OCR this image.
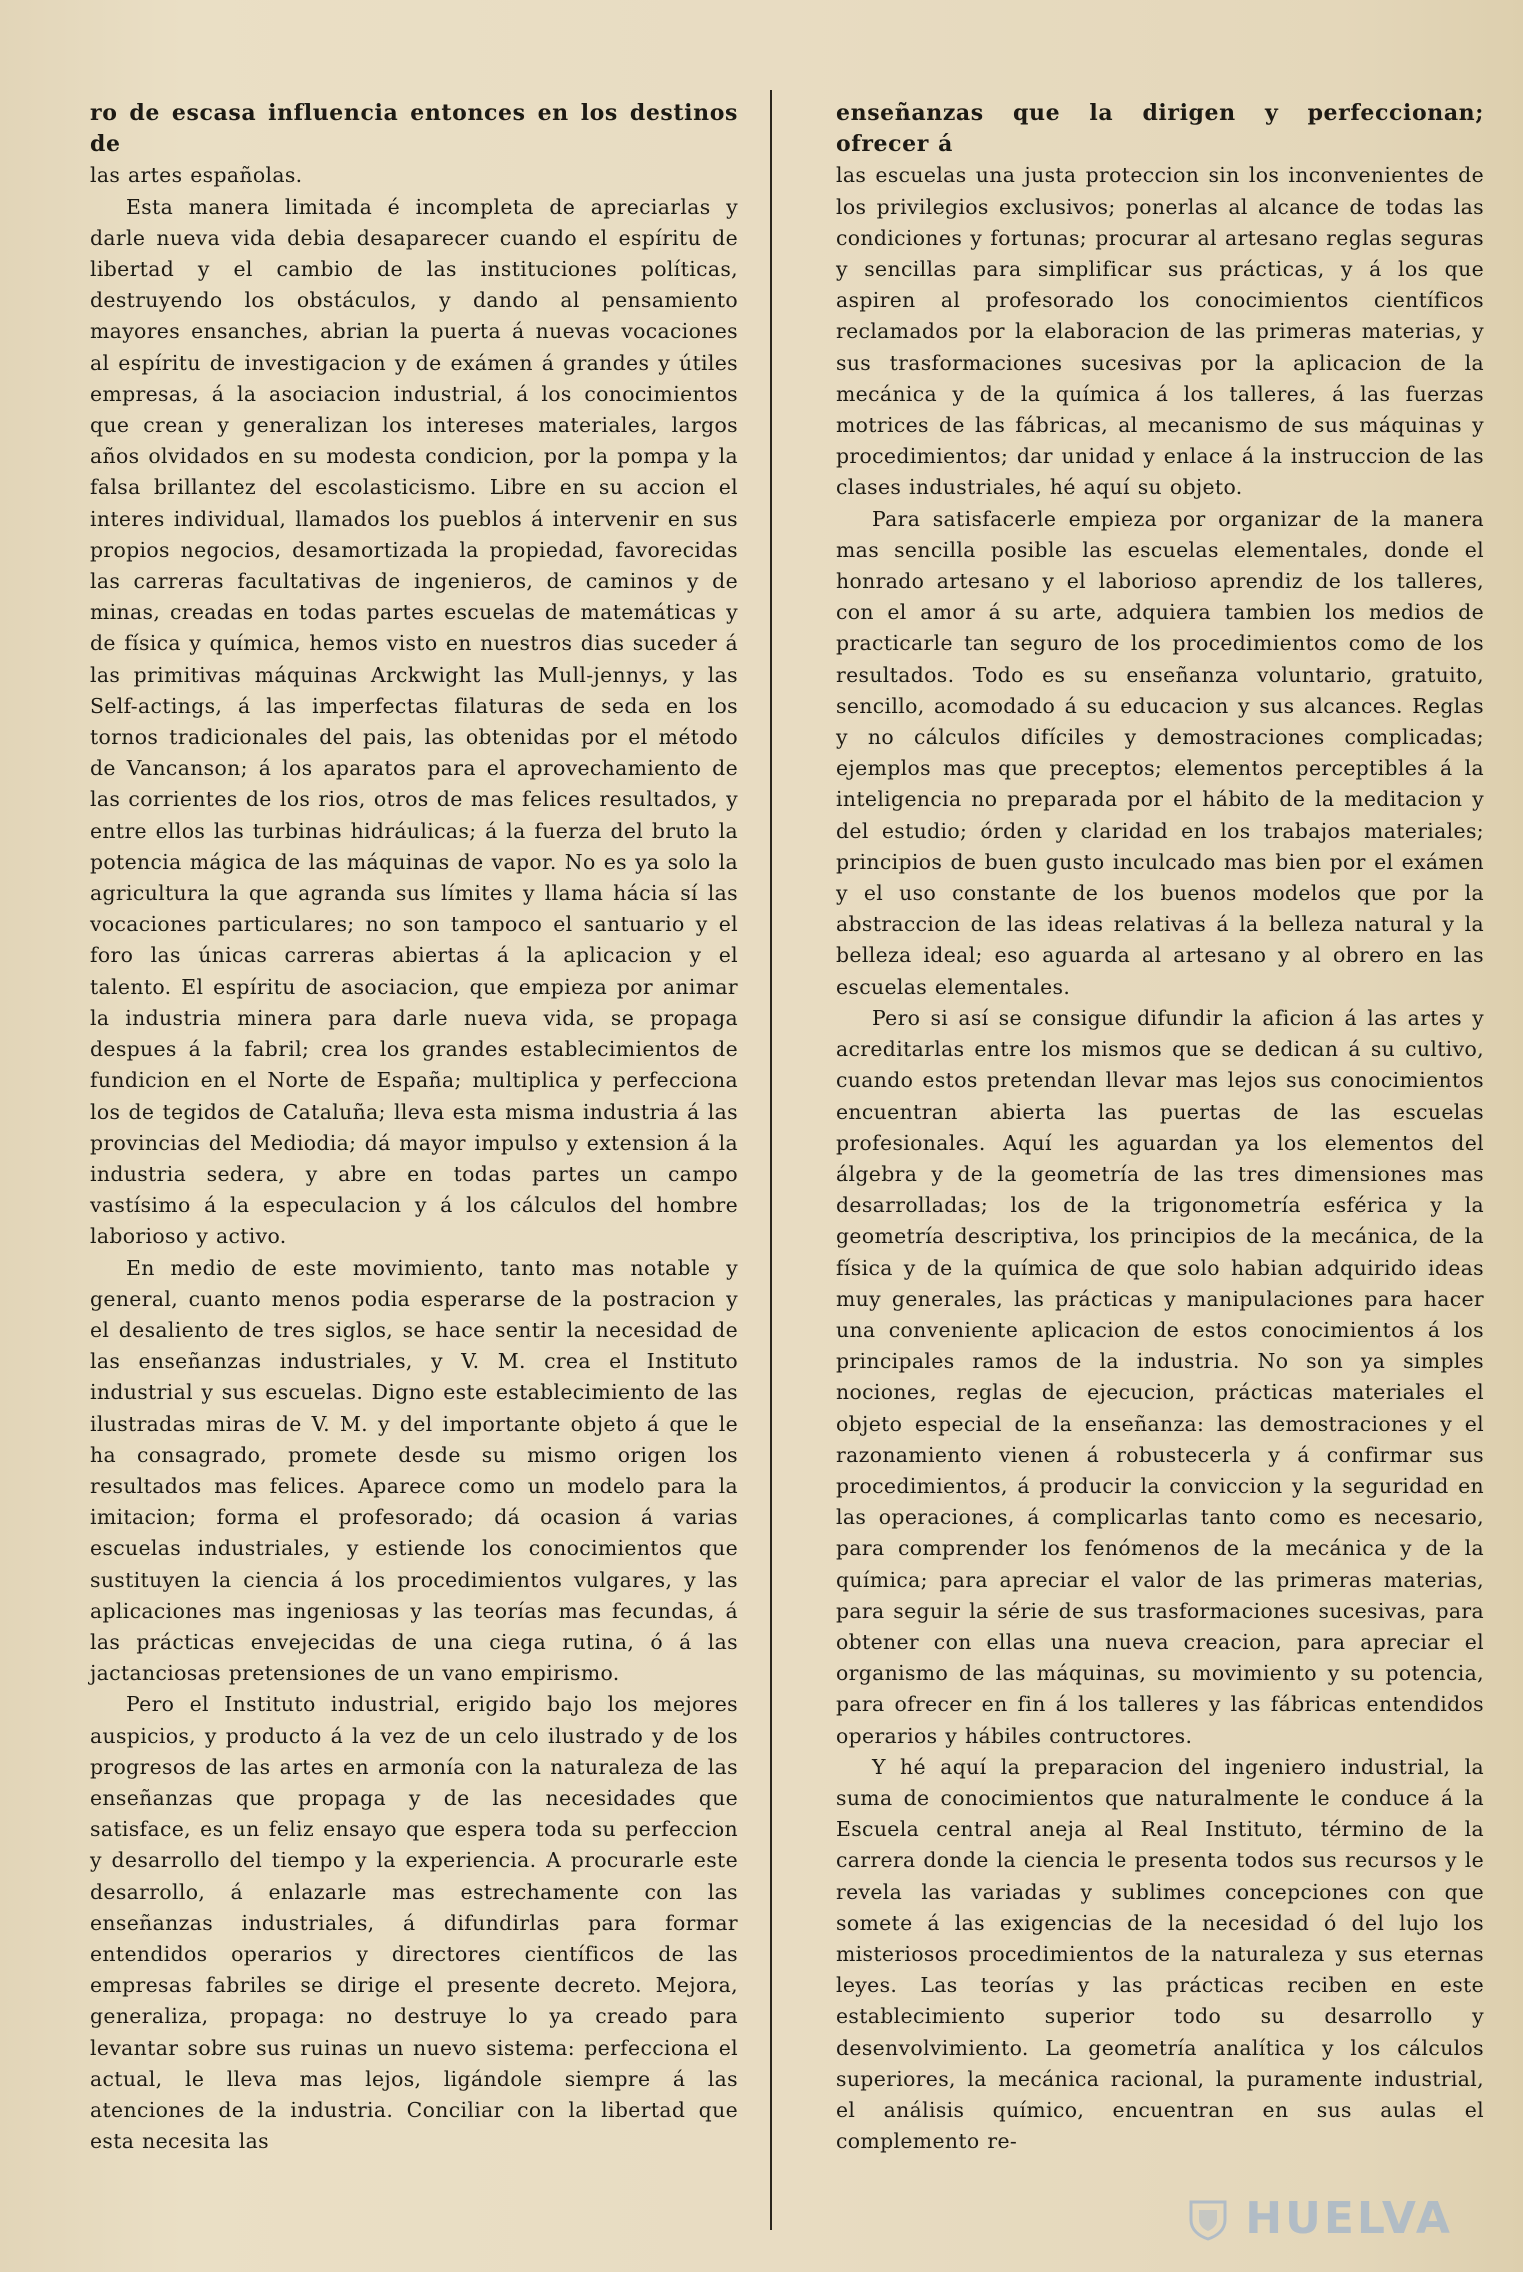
ro de escasa influencia entonces en los destinos de
las artes españolas.

Esta manera limitada é incompleta de apreciarlas y darle nueva vida debia desaparecer cuando el espíritu de libertad y el cambio de las instituciones políticas, destruyendo los obstáculos, y dando al pensamiento mayores ensanches, abrian la puerta á nuevas vocaciones al espíritu de investigacion y de exámen á grandes y útiles empresas, á la asociacion industrial, á los conocimientos que crean y generalizan los intereses materiales, largos años olvidados en su modesta condicion, por la pompa y la falsa brillantez del escolasticismo. Libre en su accion el interes individual, llamados los pueblos á intervenir en sus propios negocios, desamortizada la propiedad, favorecidas las carreras facultativas de ingenieros, de caminos y de minas, creadas en todas partes escuelas de matemáticas y de física y química, hemos visto en nuestros dias suceder á las primitivas máquinas Arckwight las Mull-jennys, y las Self-actings, á las imperfectas filaturas de seda en los tornos tradicionales del pais, las obtenidas por el método de Vancanson; á los aparatos para el aprovechamiento de las corrientes de los rios, otros de mas felices resultados, y entre ellos las turbinas hidráulicas; á la fuerza del bruto la potencia mágica de las máquinas de vapor. No es ya solo la agricultura la que agranda sus límites y llama hácia sí las vocaciones particulares; no son tampoco el santuario y el foro las únicas carreras abiertas á la aplicacion y el talento. El espíritu de asociacion, que empieza por animar la industria minera para darle nueva vida, se propaga despues á la fabril; crea los grandes establecimientos de fundicion en el Norte de España; multiplica y perfecciona los de tegidos de Cataluña; lleva esta misma industria á las provincias del Mediodia; dá mayor impulso y extension á la industria sedera, y abre en todas partes un campo vastísimo á la especulacion y á los cálculos del hombre laborioso y activo.

En medio de este movimiento, tanto mas notable y general, cuanto menos podia esperarse de la postracion y el desaliento de tres siglos, se hace sentir la necesidad de las enseñanzas industriales, y V. M. crea el Instituto industrial y sus escuelas. Digno este establecimiento de las ilustradas miras de V. M. y del importante objeto á que le ha consagrado, promete desde su mismo origen los resultados mas felices. Aparece como un modelo para la imitacion; forma el profesorado; dá ocasion á varias escuelas industriales, y estiende los conocimientos que sustituyen la ciencia á los procedimientos vulgares, y las aplicaciones mas ingeniosas y las teorías mas fecundas, á las prácticas envejecidas de una ciega rutina, ó á las jactanciosas pretensiones de un vano empirismo.

Pero el Instituto industrial, erigido bajo los mejores auspicios, y producto á la vez de un celo ilustrado y de los progresos de las artes en armonía con la naturaleza de las enseñanzas que propaga y de las necesidades que satisface, es un feliz ensayo que espera toda su perfeccion y desarrollo del tiempo y la experiencia. A procurarle este desarrollo, á enlazarle mas estrechamente con las enseñanzas industriales, á difundirlas para formar entendidos operarios y directores científicos de las empresas fabriles se dirige el presente decreto. Mejora, generaliza, propaga: no destruye lo ya creado para levantar sobre sus ruinas un nuevo sistema: perfecciona el actual, le lleva mas lejos, ligándole siempre á las atenciones de la industria. Conciliar con la libertad que esta necesita las

enseñanzas que la dirigen y perfeccionan; ofrecer á
las escuelas una justa proteccion sin los inconvenientes de los privilegios exclusivos; ponerlas al alcance de todas las condiciones y fortunas; procurar al artesano reglas seguras y sencillas para simplificar sus prácticas, y á los que aspiren al profesorado los conocimientos científicos reclamados por la elaboracion de las primeras materias, y sus trasformaciones sucesivas por la aplicacion de la mecánica y de la química á los talleres, á las fuerzas motrices de las fábricas, al mecanismo de sus máquinas y procedimientos; dar unidad y enlace á la instruccion de las clases industriales, hé aquí su objeto.

Para satisfacerle empieza por organizar de la manera mas sencilla posible las escuelas elementales, donde el honrado artesano y el laborioso aprendiz de los talleres, con el amor á su arte, adquiera tambien los medios de practicarle tan seguro de los procedimientos como de los resultados. Todo es su enseñanza voluntario, gratuito, sencillo, acomodado á su educacion y sus alcances. Reglas y no cálculos difíciles y demostraciones complicadas; ejemplos mas que preceptos; elementos perceptibles á la inteligencia no preparada por el hábito de la meditacion y del estudio; órden y claridad en los trabajos materiales; principios de buen gusto inculcado mas bien por el exámen y el uso constante de los buenos modelos que por la abstraccion de las ideas relativas á la belleza natural y la belleza ideal; eso aguarda al artesano y al obrero en las escuelas elementales.

Pero si así se consigue difundir la aficion á las artes y acreditarlas entre los mismos que se dedican á su cultivo, cuando estos pretendan llevar mas lejos sus conocimientos encuentran abierta las puertas de las escuelas profesionales. Aquí les aguardan ya los elementos del álgebra y de la geometría de las tres dimensiones mas desarrolladas; los de la trigonometría esférica y la geometría descriptiva, los principios de la mecánica, de la física y de la química de que solo habian adquirido ideas muy generales, las prácticas y manipulaciones para hacer una conveniente aplicacion de estos conocimientos á los principales ramos de la industria. No son ya simples nociones, reglas de ejecucion, prácticas materiales el objeto especial de la enseñanza: las demostraciones y el razonamiento vienen á robustecerla y á confirmar sus procedimientos, á producir la conviccion y la seguridad en las operaciones, á complicarlas tanto como es necesario, para comprender los fenómenos de la mecánica y de la química; para apreciar el valor de las primeras materias, para seguir la série de sus trasformaciones sucesivas, para obtener con ellas una nueva creacion, para apreciar el organismo de las máquinas, su movimiento y su potencia, para ofrecer en fin á los talleres y las fábricas entendidos operarios y hábiles contructores.

Y hé aquí la preparacion del ingeniero industrial, la suma de conocimientos que naturalmente le conduce á la Escuela central aneja al Real Instituto, término de la carrera donde la ciencia le presenta todos sus recursos y le revela las variadas y sublimes concepciones con que somete á las exigencias de la necesidad ó del lujo los misteriosos procedimientos de la naturaleza y sus eternas leyes. Las teorías y las prácticas reciben en este establecimiento superior todo su desarrollo y desenvolvimiento. La geometría analítica y los cálculos superiores, la mecánica racional, la puramente industrial, el análisis químico, encuentran en sus aulas el complemento re-

HUELVA
